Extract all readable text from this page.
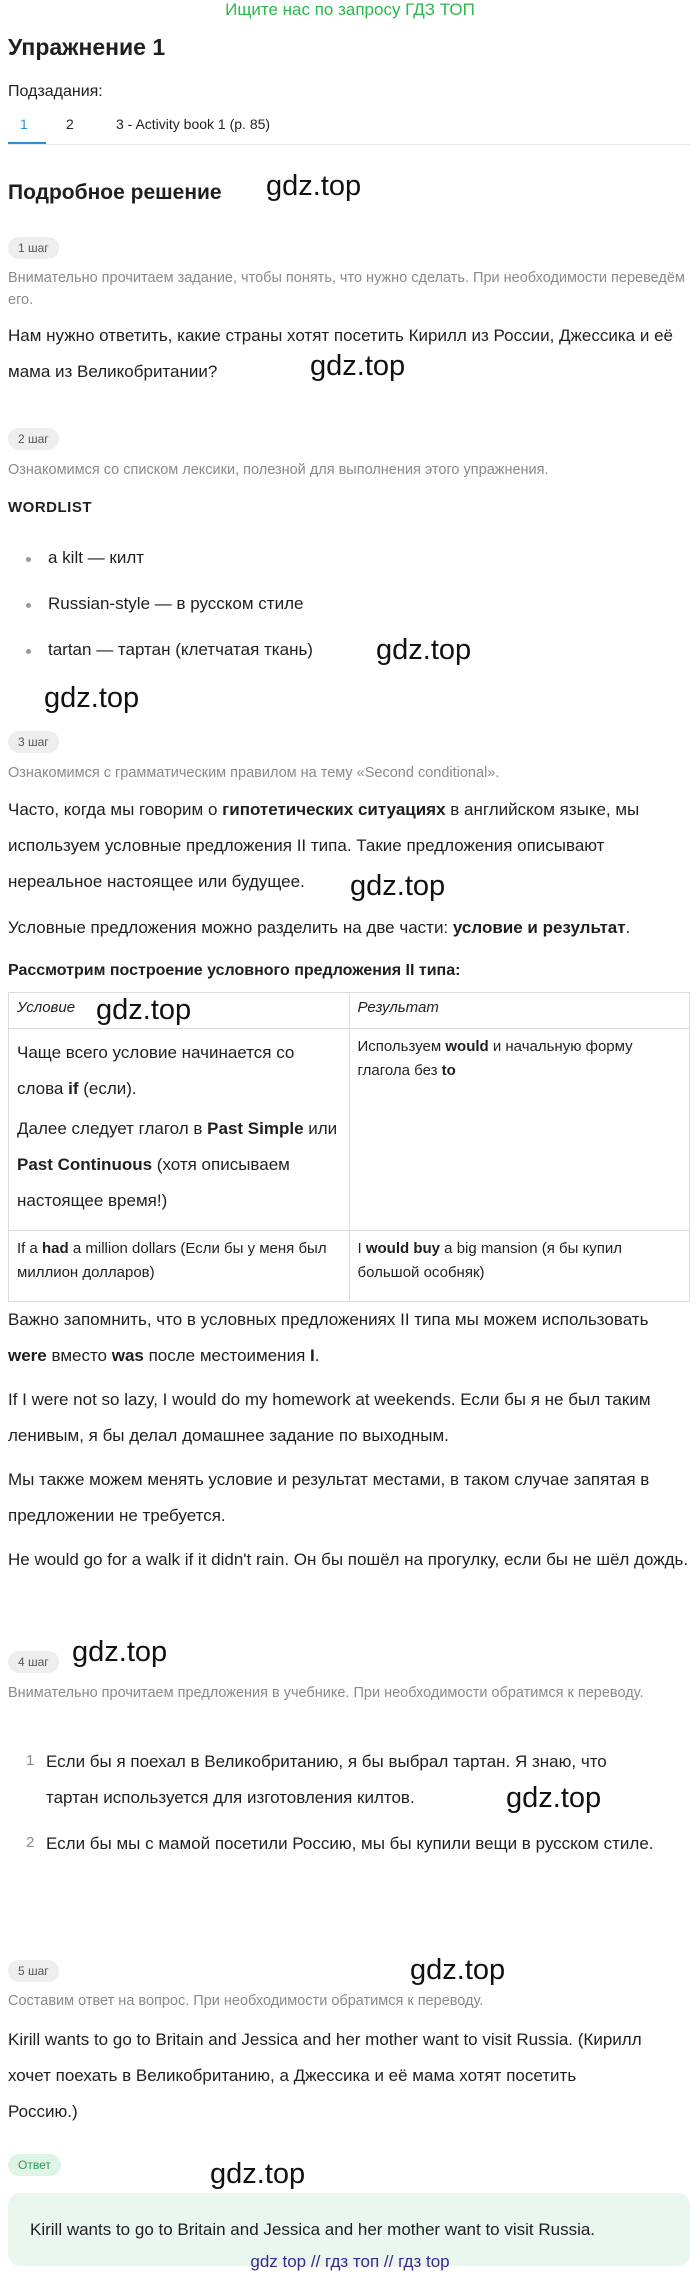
Ищите нас по запросу ГДЗ ТОП
Упражнение 1
Подзадания:
1	2	3 - Activity book 1 (p. 85)
Подробное решение gdz.top
gdz.top
gdz.top
gdz.top
gdz.top
gdz.top
gdz.top
gdz.top
gdz.top
gdz.top
1 шаг
Внимательно прочитаем задание, чтобы понять, что нужно сделать. При необходимости переведём его.
Нам нужно ответить, какие страны хотят посетить Кирилл из России, Джессика и её мама из Великобритании?
2 шаг
Ознакомимся со списком лексики, полезной для выполнения этого упражнения.
WORDLIST
a kilt — килт
Russian-style — в русском стиле
tartan — тартан (клетчатая ткань)
3 шаг
Ознакомимся с грамматическим правилом на тему «Second conditional».
Часто, когда мы говорим о гипотетических ситуациях в английском языке, мы используем условные предложения II типа. Такие предложения описывают нереальное настоящее или будущее.
Условные предложения можно разделить на две части: условие и результат.
Рассмотрим построение условного предложения II типа:
Условие	Результат

Чаще всего условие начинается со слова if (если).

Далее следует глагол в Past Simple или Past Continuous (хотя описываем настоящее время!)	Используем would и начальную форму глагола без to

If a had a million dollars (Если бы у меня был миллион долларов)	I would buy a big mansion (я бы купил большой особняк)

Важно запомнить, что в условных предложениях II типа мы можем использовать were вместо was после местоимения I.
If I were not so lazy, I would do my homework at weekends. Если бы я не был таким ленивым, я бы делал домашнее задание по выходным.
Мы также можем менять условие и результат местами, в таком случае запятая в предложении не требуется.
He would go for a walk if it didn't rain. Он бы пошёл на прогулку, если бы не шёл дождь.
4 шаг
Внимательно прочитаем предложения в учебнике. При необходимости обратимся к переводу.
1 Если бы я поехал в Великобританию, я бы выбрал тартан. Я знаю, что тартан используется для изготовления килтов.
2 Если бы мы с мамой посетили Россию, мы бы купили вещи в русском стиле.
5 шаг
Составим ответ на вопрос. При необходимости обратимся к переводу.
Kirill wants to go to Britain and Jessica and her mother want to visit Russia. (Кирилл хочет поехать в Великобританию, а Джессика и её мама хотят посетить Россию.)
Ответ
Kirill wants to go to Britain and Jessica and her mother want to visit Russia.
gdz top // гдз топ // гдз top
